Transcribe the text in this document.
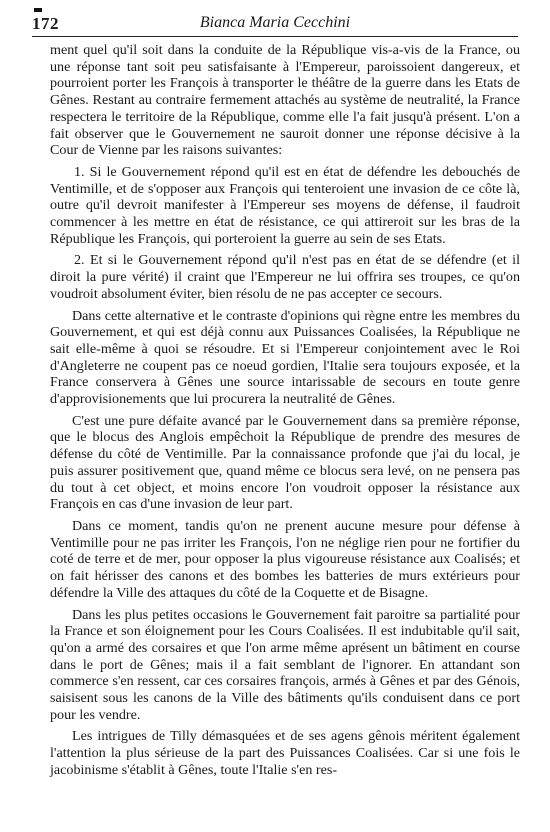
172	Bianca Maria Cecchini

ment quel qu'il soit dans la conduite de la République vis-a-vis de la France, ou une réponse tant soit peu satisfaisante à l'Empereur, paroissoient dangereux, et pourroient porter les François à transporter le théâtre de la guerre dans les Etats de Gênes. Restant au contraire fermement attachés au système de neutralité, la France respectera le territoire de la République, comme elle l'a fait jusqu'à présent. L'on a fait observer que le Gouvernement ne sauroit donner une réponse décisive à la Cour de Vienne par les raisons suivantes:

1. Si le Gouvernement répond qu'il est en état de défendre les debouchés de Ventimille, et de s'opposer aux François qui tenteroient une invasion de ce côte là, outre qu'il devroit manifester à l'Empereur ses moyens de défense, il faudroit commencer à les mettre en état de résistance, ce qui attireroit sur les bras de la République les François, qui porteroient la guerre au sein de ses Etats.

2. Et si le Gouvernement répond qu'il n'est pas en état de se défendre (et il diroit la pure vérité) il craint que l'Empereur ne lui offrira ses troupes, ce qu'on voudroit absolument éviter, bien résolu de ne pas accepter ce secours.

Dans cette alternative et le contraste d'opinions qui règne entre les membres du Gouvernement, et qui est déjà connu aux Puissances Coalisées, la République ne sait elle-même à quoi se résoudre. Et si l'Empereur conjointement avec le Roi d'Angleterre ne coupent pas ce noeud gordien, l'Italie sera toujours exposée, et la France conservera à Gênes une source intarissable de secours en toute genre d'approvisionements que lui procurera la neutralité de Gênes.

C'est une pure défaite avancé par le Gouvernement dans sa première réponse, que le blocus des Anglois empêchoit la République de prendre des mesures de défense du côté de Ventimille. Par la connaissance profonde que j'ai du local, je puis assurer positivement que, quand même ce blocus sera levé, on ne pensera pas du tout à cet object, et moins encore l'on voudroit opposer la résistance aux François en cas d'une invasion de leur part.

Dans ce moment, tandis qu'on ne prenent aucune mesure pour défense à Ventimille pour ne pas irriter les François, l'on ne néglige rien pour ne fortifier du coté de terre et de mer, pour opposer la plus vigoureuse résistance aux Coalisés; et on fait hérisser des canons et des bombes les batteries de murs extérieurs pour défendre la Ville des attaques du côté de la Coquette et de Bisagne.

Dans les plus petites occasions le Gouvernement fait paroitre sa partialité pour la France et son éloignement pour les Cours Coalisées. Il est indubitable qu'il sait, qu'on a armé des corsaires et que l'on arme même aprésent un bâtiment en course dans le port de Gênes; mais il a fait semblant de l'ignorer. En attandant son commerce s'en ressent, car ces corsaires françois, armés à Gênes et par des Génois, saisisent sous les canons de la Ville des bâtiments qu'ils conduisent dans ce port pour les vendre.

Les intrigues de Tilly démasquées et de ses agens gênois méritent également l'attention la plus sérieuse de la part des Puissances Coalisées. Car si une fois le jacobinisme s'établit à Gênes, toute l'Italie s'en res-
